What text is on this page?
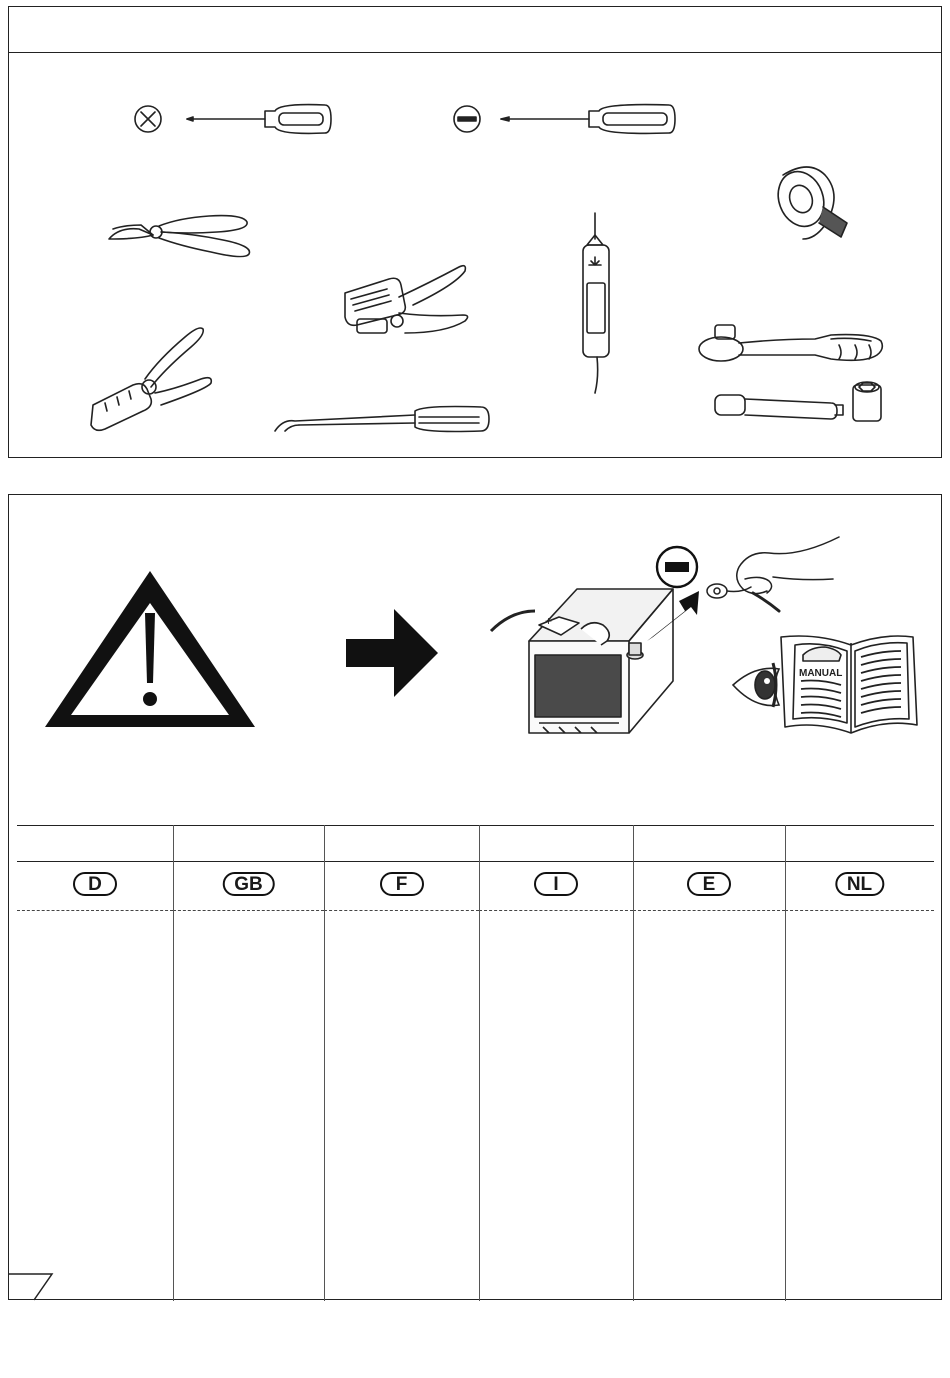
+
MANUAL
D	GB	F	I	E	NL
